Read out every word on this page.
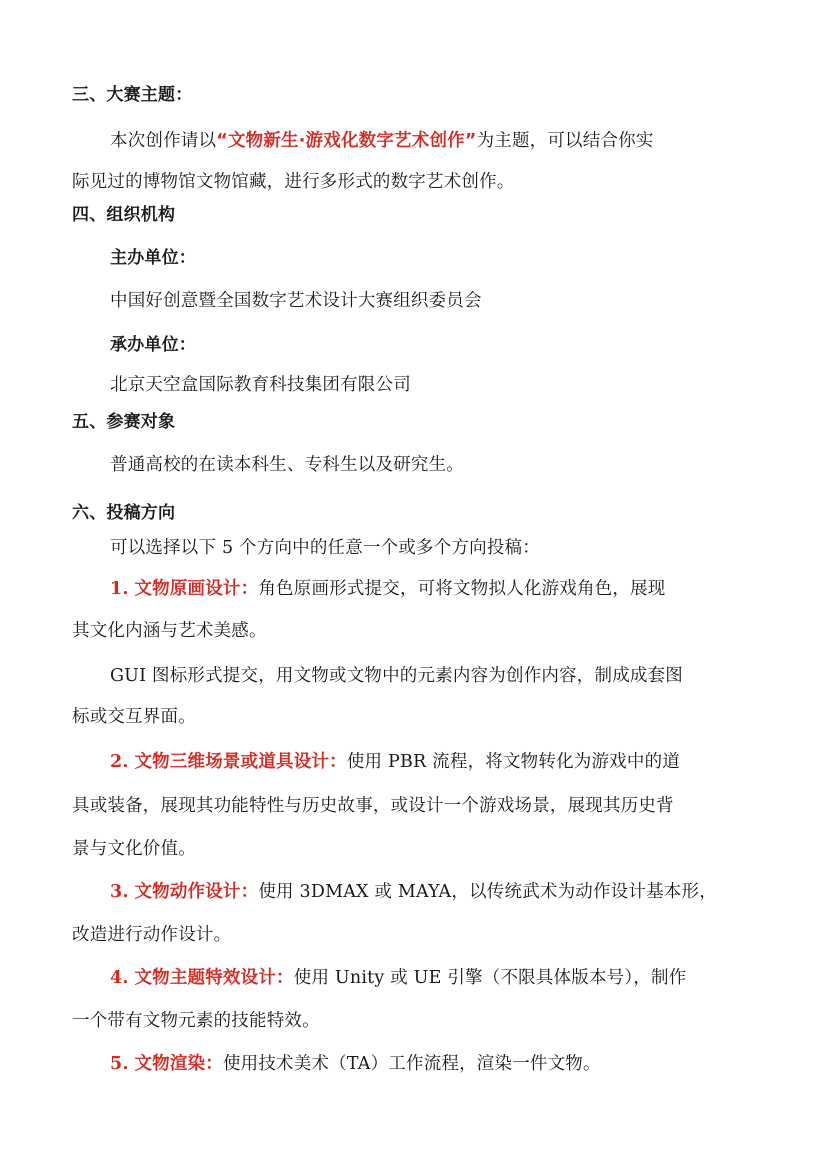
三、大赛主题：
本次创作请以“文物新生·游戏化数字艺术创作”为主题，可以结合你实
际见过的博物馆文物馆藏，进行多形式的数字艺术创作。
四、组织机构
主办单位：
中国好创意暨全国数字艺术设计大赛组织委员会
承办单位：
北京天空盒国际教育科技集团有限公司
五、参赛对象
普通高校的在读本科生、专科生以及研究生。
六、投稿方向
可以选择以下 5 个方向中的任意一个或多个方向投稿：
1. 文物原画设计：角色原画形式提交，可将文物拟人化游戏角色，展现
其文化内涵与艺术美感。
GUI 图标形式提交，用文物或文物中的元素内容为创作内容，制成成套图
标或交互界面。
2. 文物三维场景或道具设计：使用 PBR 流程，将文物转化为游戏中的道
具或装备，展现其功能特性与历史故事，或设计一个游戏场景，展现其历史背
景与文化价值。
3. 文物动作设计：使用 3DMAX 或 MAYA，以传统武术为动作设计基本形，
改造进行动作设计。
4. 文物主题特效设计：使用 Unity 或 UE 引擎（不限具体版本号），制作
一个带有文物元素的技能特效。
5. 文物渲染：使用技术美术（TA）工作流程，渲染一件文物。
